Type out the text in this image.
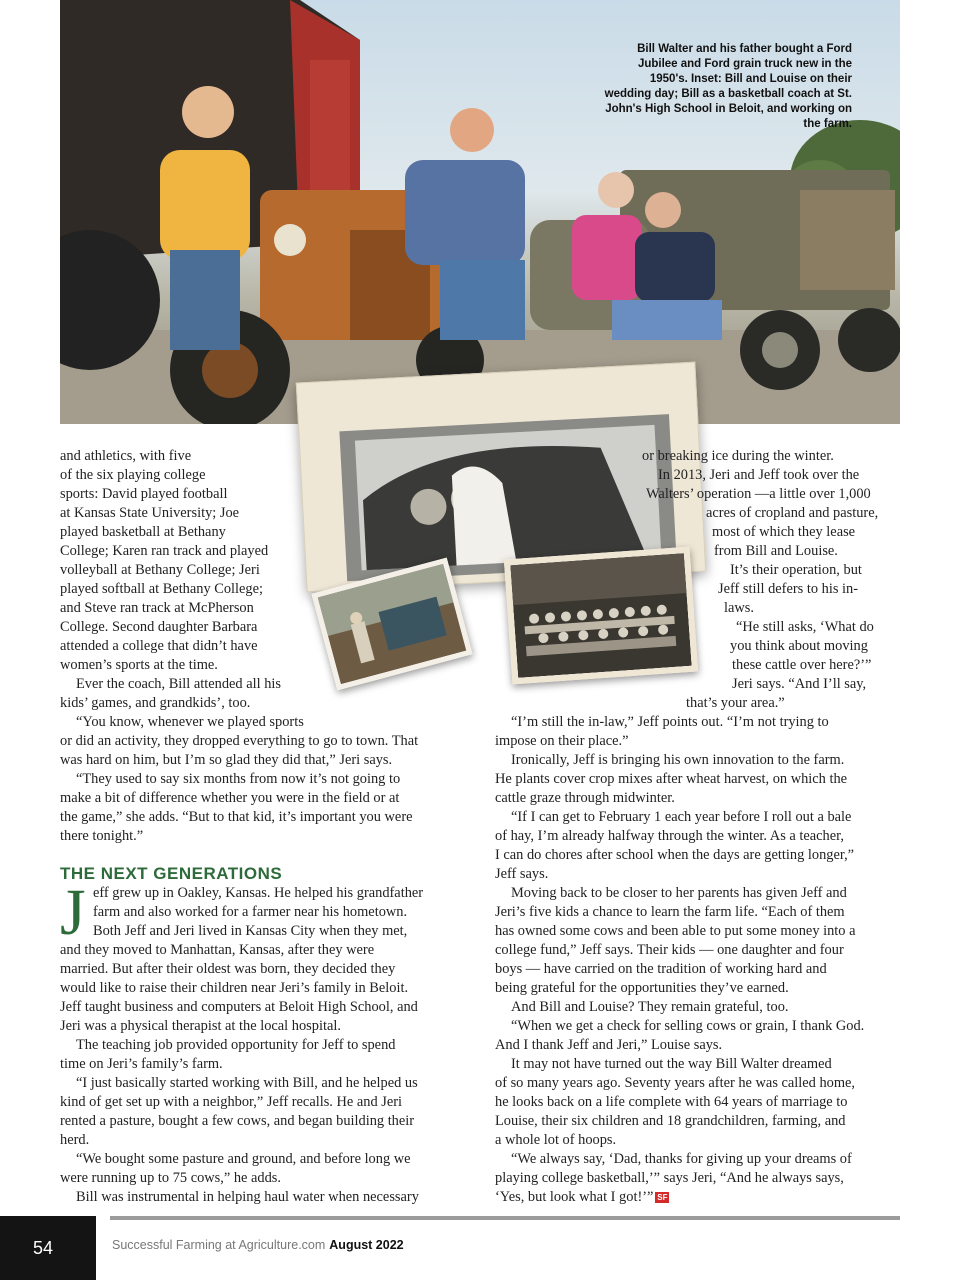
Bill Walter and his father bought a Ford Jubilee and Ford grain truck new in the 1950's. Inset: Bill and Louise on their wedding day; Bill as a basketball coach at St. John's High School in Beloit, and working on the farm.
and athletics, with five
of the six playing college
sports: David played football
at Kansas State University; Joe
played basketball at Bethany
College; Karen ran track and played
volleyball at Bethany College; Jeri
played softball at Bethany College;
and Steve ran track at McPherson
College. Second daughter Barbara
attended a college that didn’t have
women’s sports at the time.
Ever the coach, Bill attended all his
kids’ games, and grandkids’, too.
“You know, whenever we played sports
or did an activity, they dropped everything to go to town. That
was hard on him, but I’m so glad they did that,” Jeri says.
“They used to say six months from now it’s not going to
make a bit of difference whether you were in the field or at
the game,” she adds. “But to that kid, it’s important you were
there tonight.”
THE NEXT GENERATIONS
J eff grew up in Oakley, Kansas. He helped his grandfather
farm and also worked for a farmer near his hometown.
Both Jeff and Jeri lived in Kansas City when they met,
and they moved to Manhattan, Kansas, after they were
married. But after their oldest was born, they decided they
would like to raise their children near Jeri’s family in Beloit.
Jeff taught business and computers at Beloit High School, and
Jeri was a physical therapist at the local hospital.
The teaching job provided opportunity for Jeff to spend
time on Jeri’s family’s farm.
“I just basically started working with Bill, and he helped us
kind of get set up with a neighbor,” Jeff recalls. He and Jeri
rented a pasture, bought a few cows, and began building their
herd.
“We bought some pasture and ground, and before long we
were running up to 75 cows,” he adds.
Bill was instrumental in helping haul water when necessary
or breaking ice during the winter.
In 2013, Jeri and Jeff took over the
Walters’ operation —a little over 1,000
acres of cropland and pasture,
most of which they lease
from Bill and Louise.
It’s their operation, but
Jeff still defers to his in-
laws.
“He still asks, ‘What do
you think about moving
these cattle over here?’”
Jeri says. “And I’ll say,
that’s your area.”
“I’m still the in-law,” Jeff points out. “I’m not trying to
impose on their place.”
Ironically, Jeff is bringing his own innovation to the farm.
He plants cover crop mixes after wheat harvest, on which the
cattle graze through midwinter.
“If I can get to February 1 each year before I roll out a bale
of hay, I’m already halfway through the winter. As a teacher,
I can do chores after school when the days are getting longer,”
Jeff says.
Moving back to be closer to her parents has given Jeff and
Jeri’s five kids a chance to learn the farm life. “Each of them
has owned some cows and been able to put some money into a
college fund,” Jeff says. Their kids — one daughter and four
boys — have carried on the tradition of working hard and
being grateful for the opportunities they’ve earned.
And Bill and Louise? They remain grateful, too.
“When we get a check for selling cows or grain, I thank God.
And I thank Jeff and Jeri,” Louise says.
It may not have turned out the way Bill Walter dreamed
of so many years ago. Seventy years after he was called home,
he looks back on a life complete with 64 years of marriage to
Louise, their six children and 18 grandchildren, farming, and
a whole lot of hoops.
“We always say, ‘Dad, thanks for giving up your dreams of
playing college basketball,’” says Jeri, “And he always says,
‘Yes, but look what I got!’” SF
54	Successful Farming at Agriculture.com August 2022
